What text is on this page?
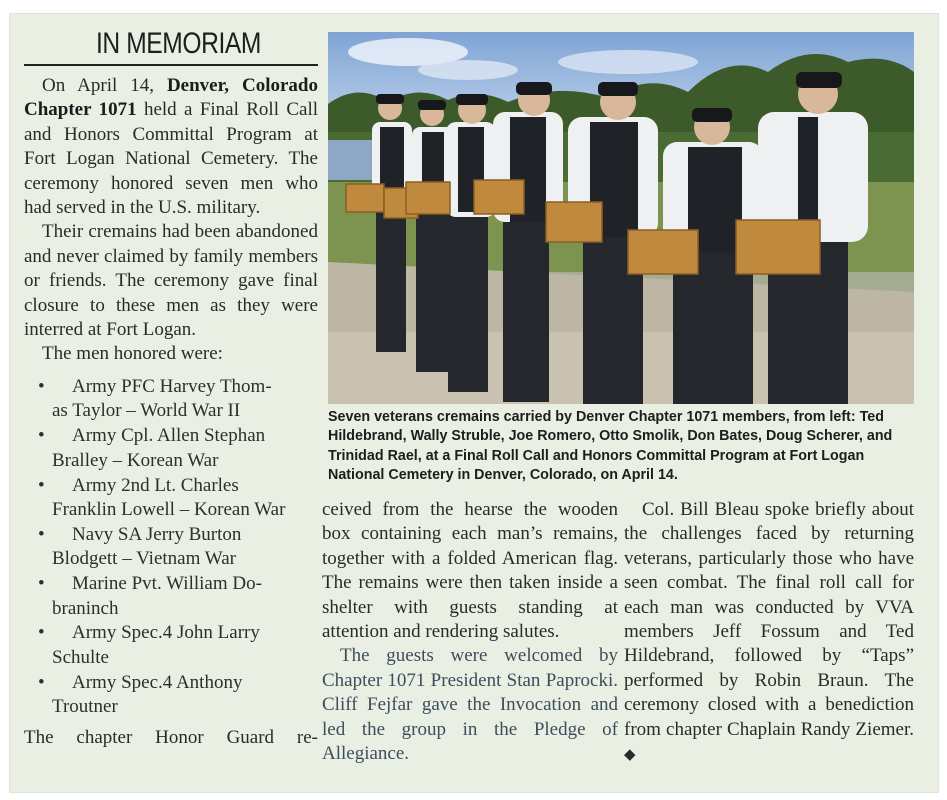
IN MEMORIAM

On April 14, Denver, Colorado Chapter 1071 held a Final Roll Call and Honors Committal Program at Fort Logan National Cemetery. The ceremony honored seven men who had served in the U.S. military.

Their cremains had been abandoned and never claimed by family members or friends. The ceremony gave final closure to these men as they were interred at Fort Logan.

The men honored were:

•	Army PFC Harvey Thom-
as Taylor – World War II
•	Army Cpl. Allen Stephan
Bralley – Korean War
•	Army 2nd Lt. Charles
Franklin Lowell – Korean War
•	Navy SA Jerry Burton
Blodgett – Vietnam War
•	Marine Pvt. William Do-
braninch
•	Army Spec.4 John Larry
Schulte
•	Army Spec.4 Anthony
Troutner

The chapter Honor Guard re-

Seven veterans cremains carried by Denver Chapter 1071 members, from left: Ted Hildebrand, Wally Struble, Joe Romero, Otto Smolik, Don Bates, Doug Scherer, and Trinidad Rael, at a Final Roll Call and Honors Committal Program at Fort Logan National Cemetery in Denver, Colorado, on April 14.

ceived from the hearse the wooden box containing each man’s remains, together with a folded American flag. The remains were then taken inside a shelter with guests standing at attention and rendering salutes.

The guests were welcomed by Chapter 1071 President Stan Paprocki. Cliff Fejfar gave the Invocation and led the group in the Pledge of Allegiance.

Col. Bill Bleau spoke briefly about the challenges faced by returning veterans, particularly those who have seen combat. The final roll call for each man was conducted by VVA members Jeff Fossum and Ted Hildebrand, followed by “Taps” performed by Robin Braun. The ceremony closed with a benediction from chapter Chaplain Randy Ziemer. ◆
